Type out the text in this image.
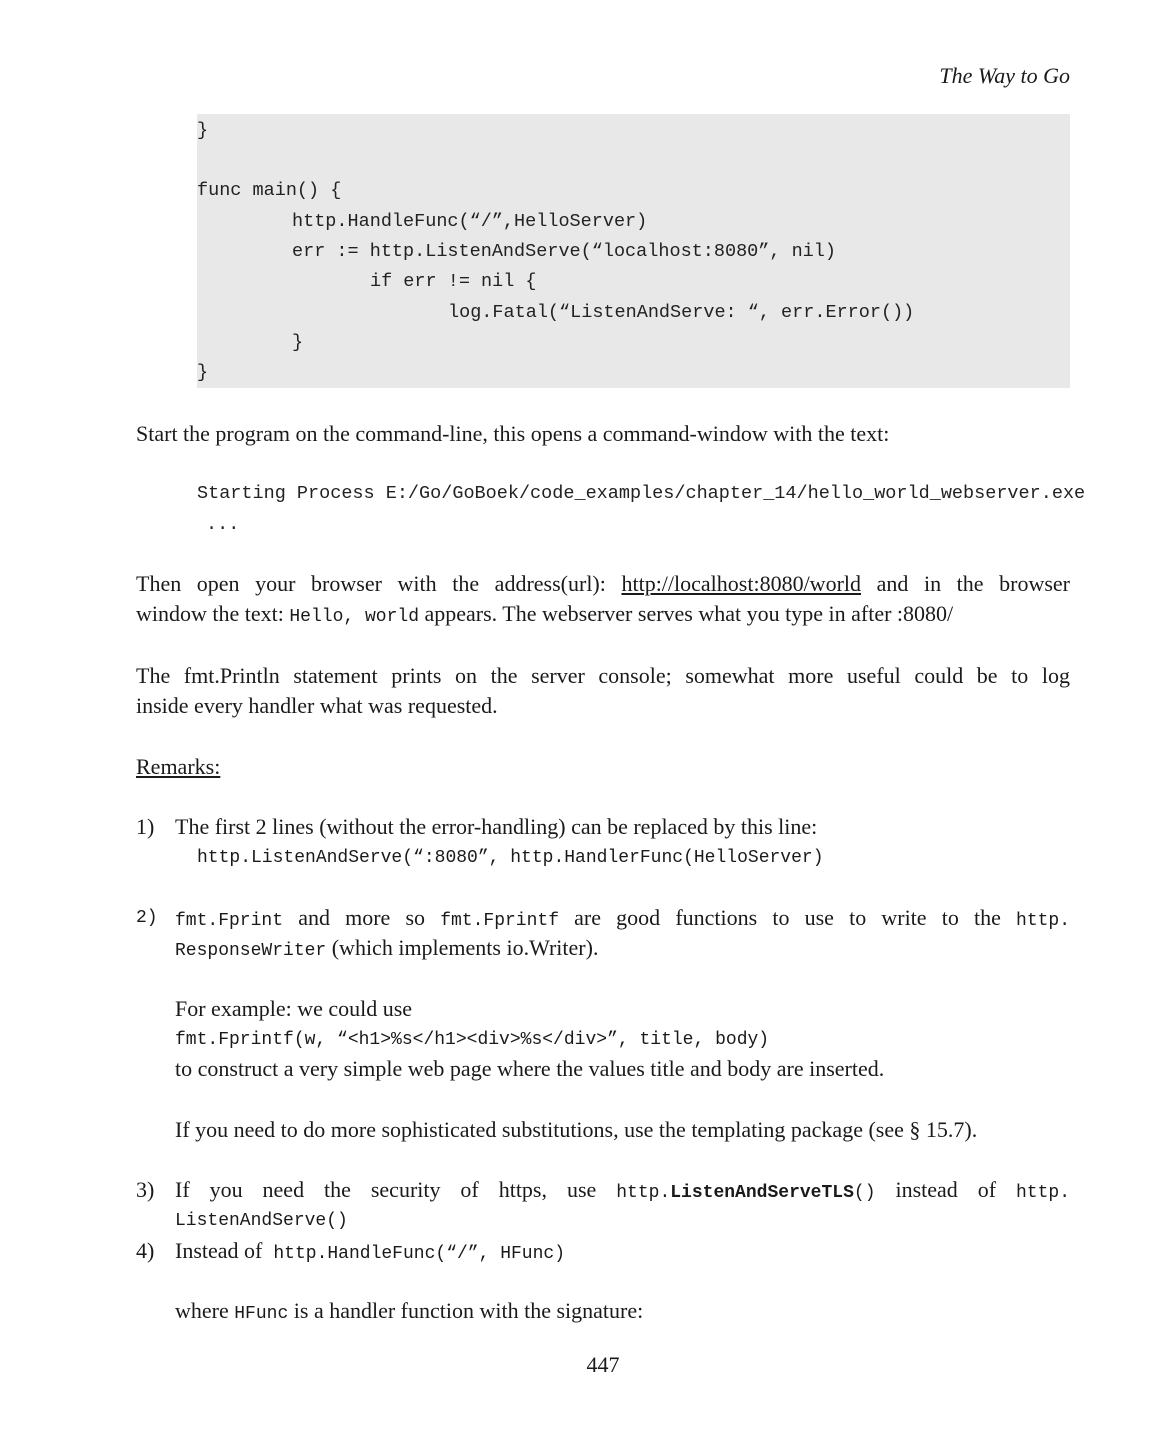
The Way to Go
}
func main() {
http.HandleFunc(“/”,HelloServer)
err := http.ListenAndServe(“localhost:8080”, nil)
if err != nil {
log.Fatal(“ListenAndServe: “, err.Error())
}
}
Start the program on the command-line, this opens a command-window with the text:
Starting Process E:/Go/GoBoek/code_examples/chapter_14/hello_world_webserver.exe
...
Then open your browser with the address(url): http://localhost:8080/world and in the browser
window the text: Hello, world appears. The webserver serves what you type in after :8080/
The fmt.Println statement prints on the server console; somewhat more useful could be to log
inside every handler what was requested.
Remarks:
1) The first 2 lines (without the error-handling) can be replaced by this line:
http.ListenAndServe(“:8080”, http.HandlerFunc(HelloServer)
2) fmt.Fprint and more so fmt.Fprintf are good functions to use to write to the http.
ResponseWriter (which implements io.Writer).
For example: we could use
fmt.Fprintf(w, “<h1>%s</h1><div>%s</div>”, title, body)
to construct a very simple web page where the values title and body are inserted.
If you need to do more sophisticated substitutions, use the templating package (see § 15.7).
3) If you need the security of https, use http.ListenAndServeTLS() instead of http.
ListenAndServe()
4) Instead of http.HandleFunc(“/”, HFunc)
where HFunc is a handler function with the signature:
447
